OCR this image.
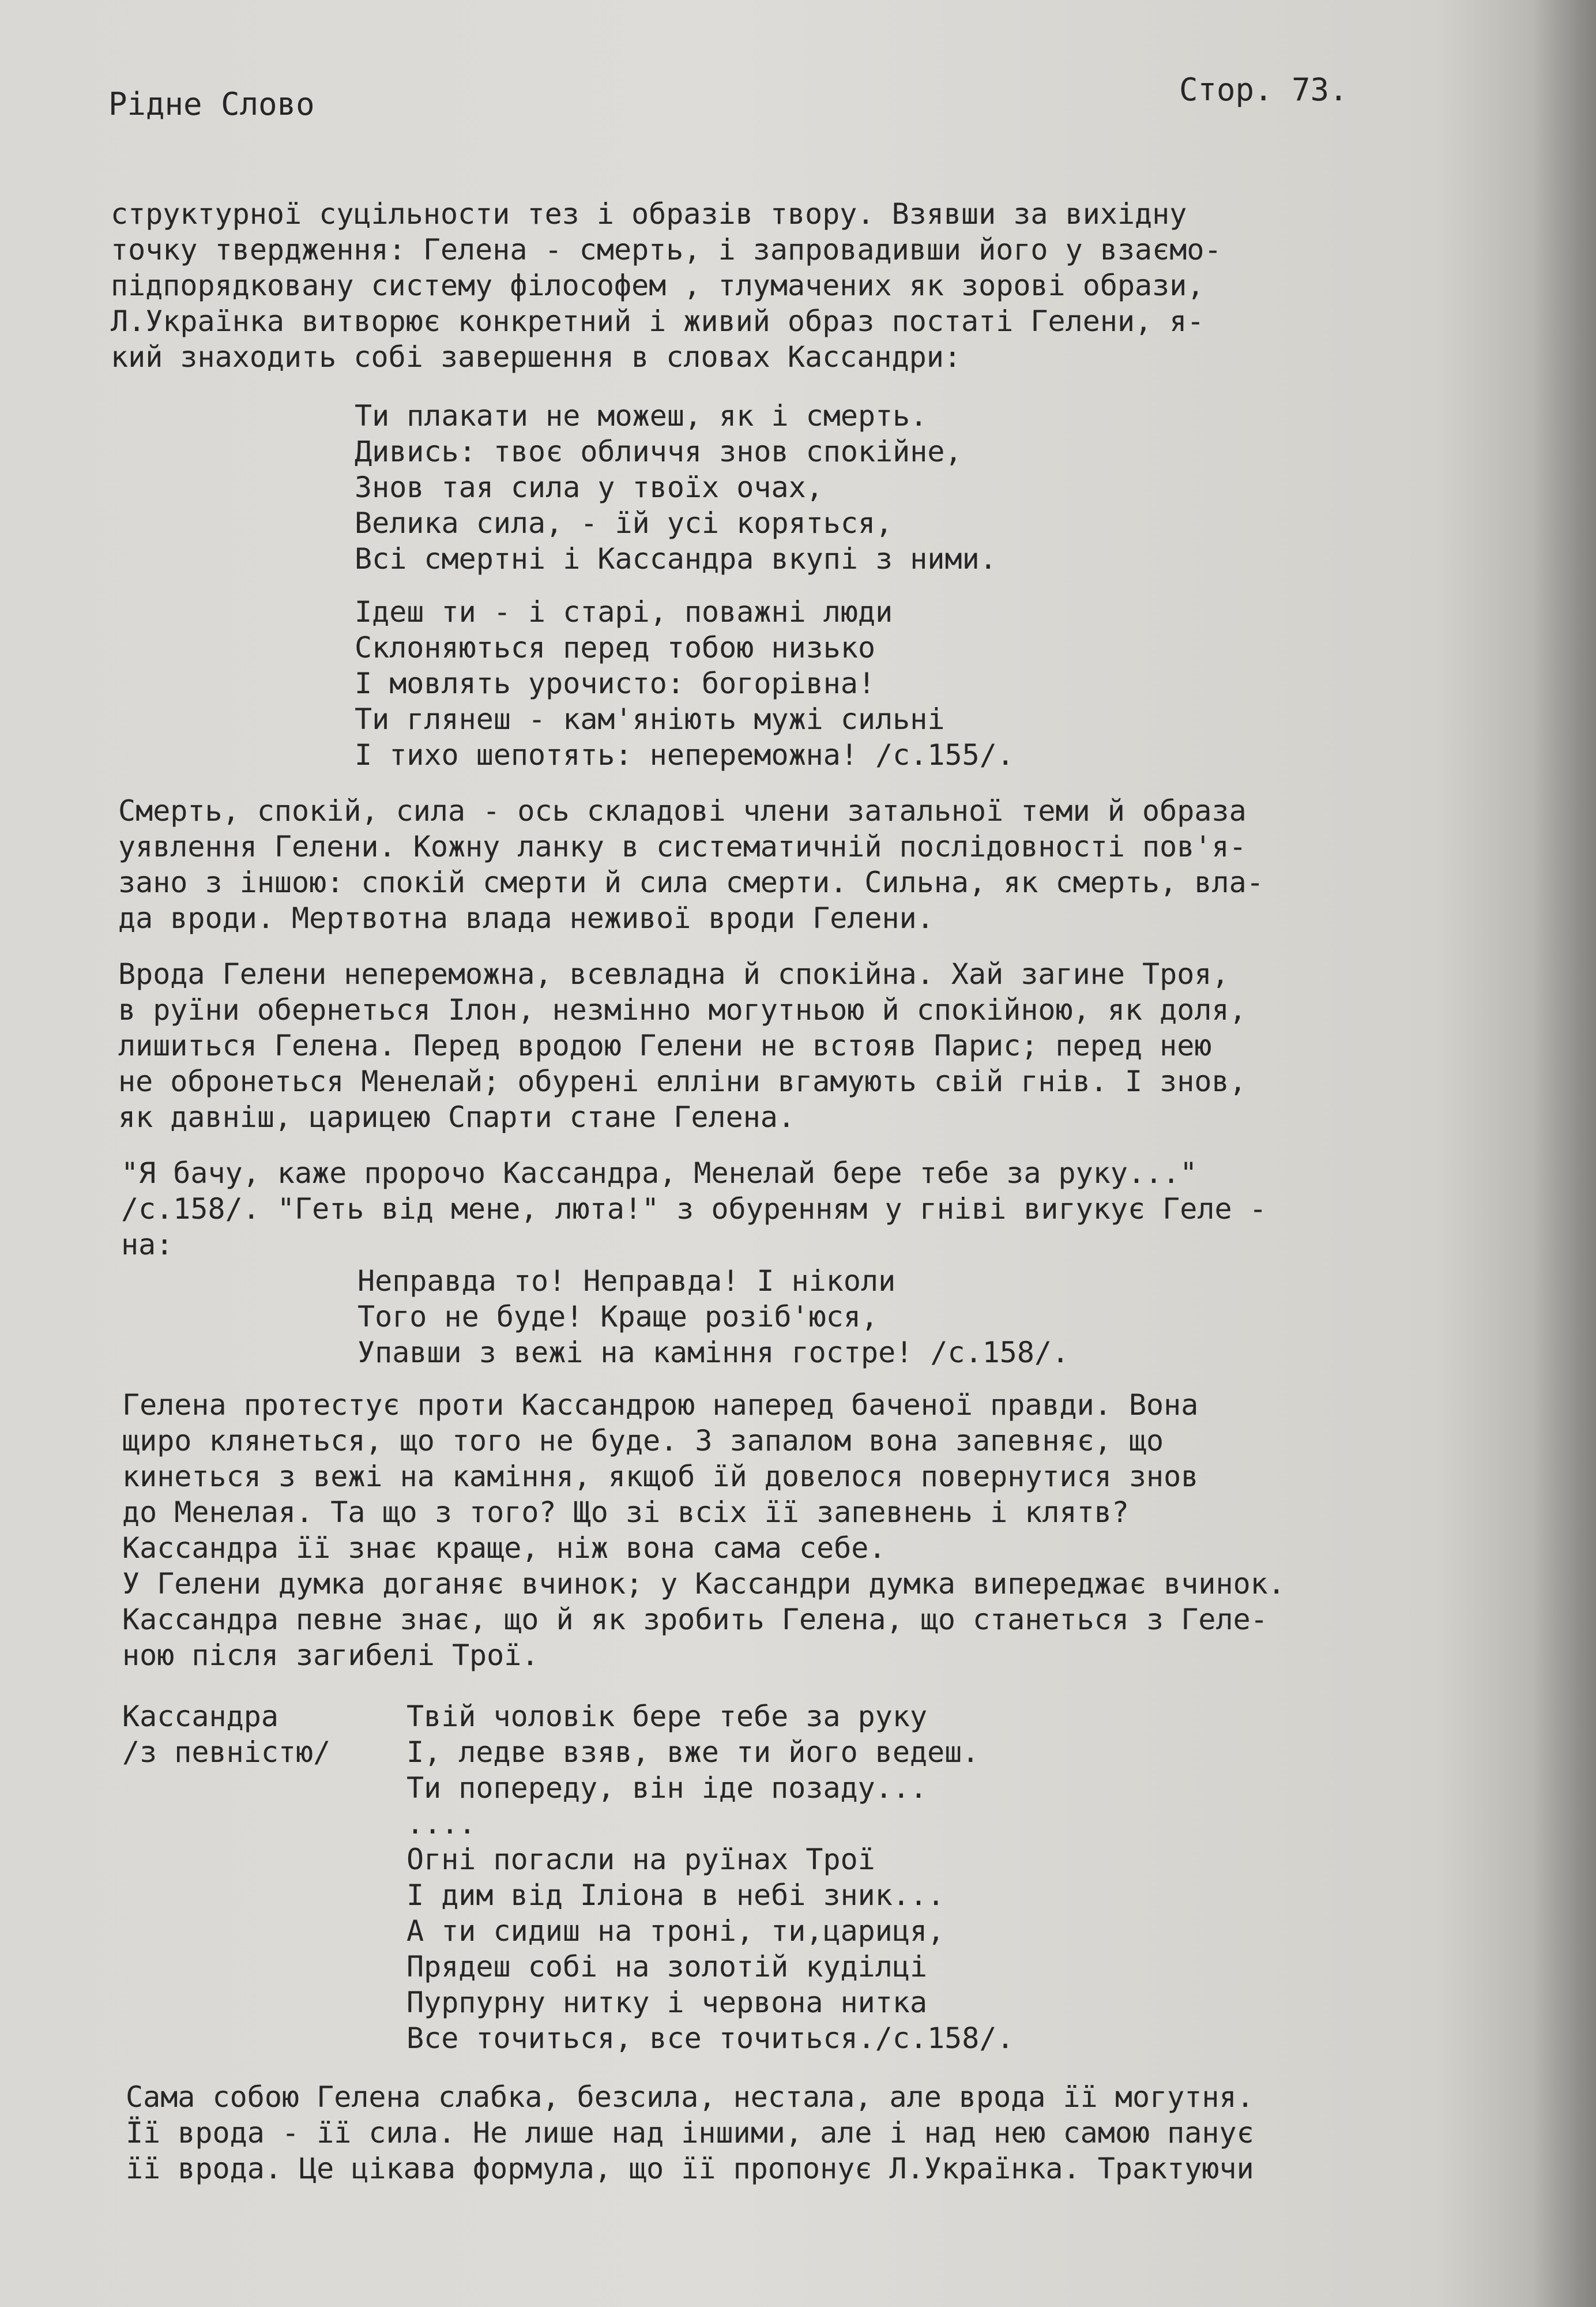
Рідне Слово	Стор. 73.
структурної суцільности тез і образів твору. Взявши за вихідну
точку твердження: Гелена - смерть, і запровадивши його у взаємо-
підпорядковану систему філософем , тлумачених як зорові образи,
Л.Українка витворює конкретний і живий образ постаті Гелени, я-
кий знаходить собі завершення в словах Кассандри:
Ти плакати не можеш, як і смерть.
Дивись: твоє обличчя знов спокійне,
Знов тая сила у твоїх очах,
Велика сила, - їй усі коряться,
Всі смертні і Кассандра вкупі з ними.
Ідеш ти - і старі, поважні люди
Склоняються перед тобою низько
І мовлять урочисто: богорівна!
Ти глянеш - кам'яніють мужі сильні
І тихо шепотять: непереможна! /с.155/.
Смерть, спокій, сила - ось складові члени затальної теми й образа
уявлення Гелени. Кожну ланку в систематичній послідовності пов'я-
зано з іншою: спокій смерти й сила смерти. Сильна, як смерть, вла-
да вроди. Мертвотна влада неживої вроди Гелени.
Врода Гелени непереможна, всевладна й спокійна. Хай загине Троя,
в руїни обернеться Ілон, незмінно могутньою й спокійною, як доля,
лишиться Гелена. Перед вродою Гелени не встояв Парис; перед нею
не обронеться Менелай; обурені елліни вгамують свій гнів. І знов,
як давніш, царицею Спарти стане Гелена.
"Я бачу, каже пророчо Кассандра, Менелай бере тебе за руку..."
/с.158/. "Геть від мене, люта!" з обуренням у гніві вигукує Геле -
на:
Неправда то! Неправда! І ніколи
Того не буде! Краще розіб'юся,
Упавши з вежі на каміння гостре! /с.158/.
Гелена протестує проти Кассандрою наперед баченої правди. Вона
щиро клянеться, що того не буде. З запалом вона запевняє, що
кинеться з вежі на каміння, якщоб їй довелося повернутися знов
до Менелая. Та що з того? Що зі всіх її запевнень і клятв?
Кассандра її знає краще, ніж вона сама себе.
У Гелени думка доганяє вчинок; у Кассандри думка випереджає вчинок.
Кассандра певне знає, що й як зробить Гелена, що станеться з Геле-
ною після загибелі Трої.
Кассандра
/з певністю/
Твій чоловік бере тебе за руку
І, ледве взяв, вже ти його ведеш.
Ти попереду, він іде позаду...
....
Огні погасли на руїнах Трої
І дим від Іліона в небі зник...
А ти сидиш на троні, ти,цариця,
Прядеш собі на золотій куділці
Пурпурну нитку і червона нитка
Все точиться, все точиться./с.158/.
Сама собою Гелена слабка, безсила, нестала, але врода її могутня.
Її врода - її сила. Не лише над іншими, але і над нею самою панує
її врода. Це цікава формула, що її пропонує Л.Українка. Трактуючи
